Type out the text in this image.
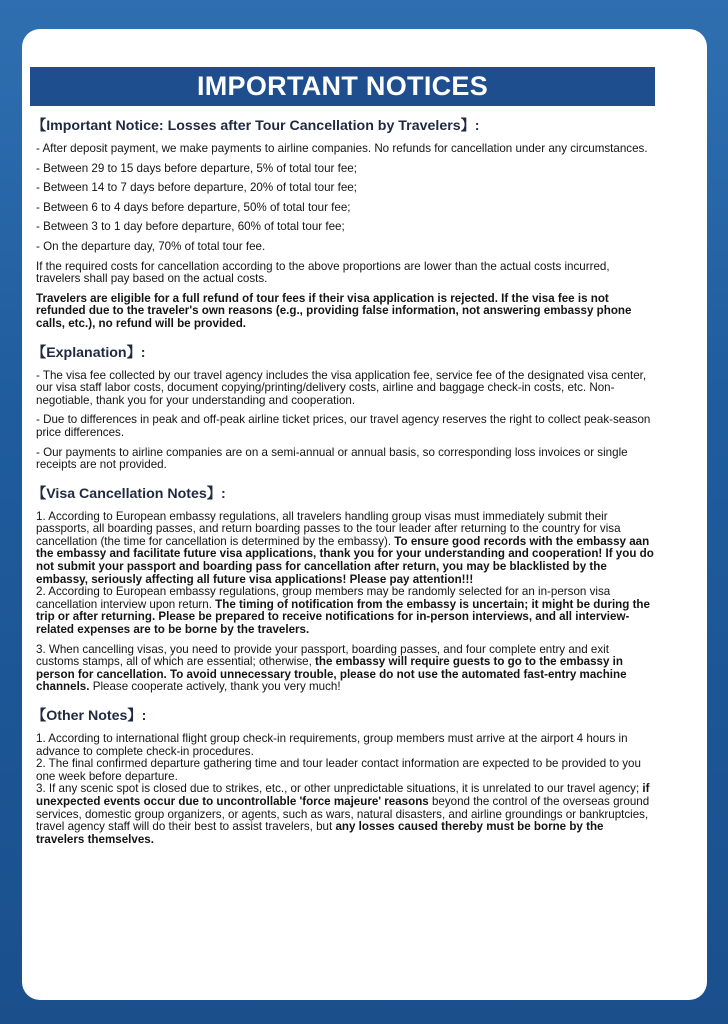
IMPORTANT NOTICES
【Important Notice: Losses after Tour Cancellation by Travelers】:

- After deposit payment, we make payments to airline companies. No refunds for cancellation under any circumstances.

- Between 29 to 15 days before departure, 5% of total tour fee;

- Between 14 to 7 days before departure, 20% of total tour fee;

- Between 6 to 4 days before departure, 50% of total tour fee;

- Between 3 to 1 day before departure, 60% of total tour fee;

- On the departure day, 70% of total tour fee.

If the required costs for cancellation according to the above proportions are lower than the actual costs incurred, travelers shall pay based on the actual costs.

Travelers are eligible for a full refund of tour fees if their visa application is rejected. If the visa fee is not refunded due to the traveler's own reasons (e.g., providing false information, not answering embassy phone calls, etc.), no refund will be provided.

【Explanation】:

- The visa fee collected by our travel agency includes the visa application fee, service fee of the designated visa center, our visa staff labor costs, document copying/printing/delivery costs, airline and baggage check-in costs, etc. Non-negotiable, thank you for your understanding and cooperation.

- Due to differences in peak and off-peak airline ticket prices, our travel agency reserves the right to collect peak-season price differences.

- Our payments to airline companies are on a semi-annual or annual basis, so corresponding loss invoices or single receipts are not provided.

【Visa Cancellation Notes】:

1. According to European embassy regulations, all travelers handling group visas must immediately submit their passports, all boarding passes, and return boarding passes to the tour leader after returning to the country for visa cancellation (the time for cancellation is determined by the embassy). To ensure good records with the embassy aan the embassy and facilitate future visa applications, thank you for your understanding and cooperation! If you do not submit your passport and boarding pass for cancellation after return, you may be blacklisted by the embassy, seriously affecting all future visa applications! Please pay attention!!!

2. According to European embassy regulations, group members may be randomly selected for an in-person visa cancellation interview upon return. The timing of notification from the embassy is uncertain; it might be during the trip or after returning. Please be prepared to receive notifications for in-person interviews, and all interview-related expenses are to be borne by the travelers.

3. When cancelling visas, you need to provide your passport, boarding passes, and four complete entry and exit customs stamps, all of which are essential; otherwise, the embassy will require guests to go to the embassy in person for cancellation. To avoid unnecessary trouble, please do not use the automated fast-entry machine channels. Please cooperate actively, thank you very much!

【Other Notes】:

1. According to international flight group check-in requirements, group members must arrive at the airport 4 hours in advance to complete check-in procedures.

2. The final confirmed departure gathering time and tour leader contact information are expected to be provided to you one week before departure.

3. If any scenic spot is closed due to strikes, etc., or other unpredictable situations, it is unrelated to our travel agency; if unexpected events occur due to uncontrollable 'force majeure' reasons beyond the control of the overseas ground services, domestic group organizers, or agents, such as wars, natural disasters, and airline groundings or bankruptcies, travel agency staff will do their best to assist travelers, but any losses caused thereby must be borne by the travelers themselves.
